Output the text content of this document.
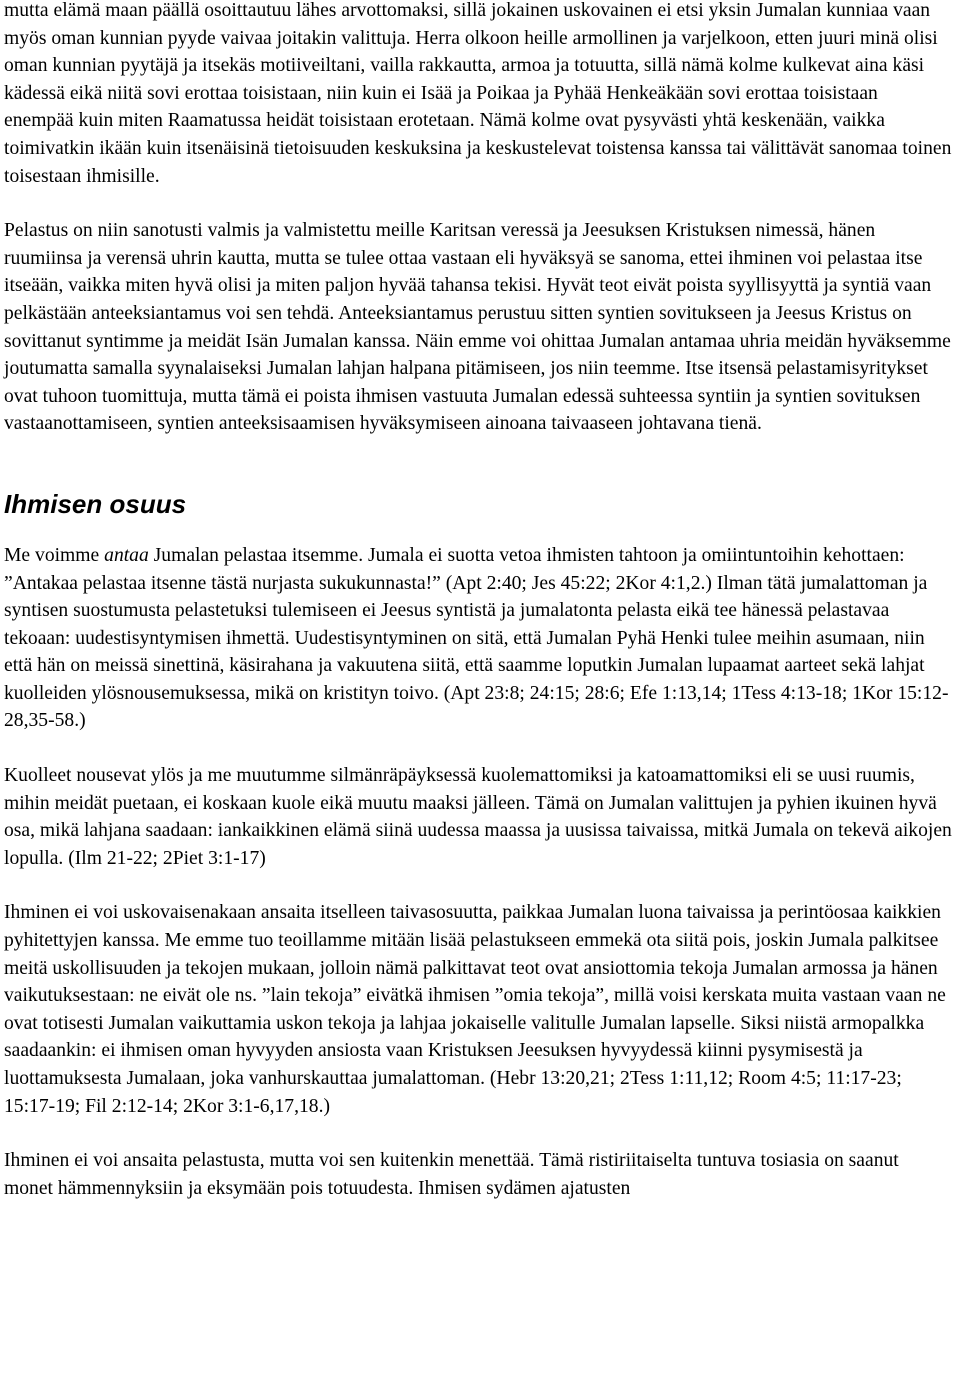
mutta elämä maan päällä osoittautuu lähes arvottomaksi, sillä jokainen uskovainen ei etsi yksin Jumalan kunniaa vaan myös oman kunnian pyyde vaivaa joitakin valittuja. Herra olkoon heille armollinen ja varjelkoon, etten juuri minä olisi oman kunnian pyytäjä ja itsekäs motiiveiltani, vailla rakkautta, armoa ja totuutta, sillä nämä kolme kulkevat aina käsi kädessä eikä niitä sovi erottaa toisistaan, niin kuin ei Isää ja Poikaa ja Pyhää Henkeäkään sovi erottaa toisistaan enempää kuin miten Raamatussa heidät toisistaan erotetaan. Nämä kolme ovat pysyvästi yhtä keskenään, vaikka toimivatkin ikään kuin itsenäisinä tietoisuuden keskuksina ja keskustelevat toistensa kanssa tai välittävät sanomaa toinen toisestaan ihmisille.

Pelastus on niin sanotusti valmis ja valmistettu meille Karitsan veressä ja Jeesuksen Kristuksen nimessä, hänen ruumiinsa ja verensä uhrin kautta, mutta se tulee ottaa vastaan eli hyväksyä se sanoma, ettei ihminen voi pelastaa itse itseään, vaikka miten hyvä olisi ja miten paljon hyvää tahansa tekisi. Hyvät teot eivät poista syyllisyyttä ja syntiä vaan pelkästään anteeksiantamus voi sen tehdä. Anteeksiantamus perustuu sitten syntien sovitukseen ja Jeesus Kristus on sovittanut syntimme ja meidät Isän Jumalan kanssa. Näin emme voi ohittaa Jumalan antamaa uhria meidän hyväksemme joutumatta samalla syynalaiseksi Jumalan lahjan halpana pitämiseen, jos niin teemme. Itse itsensä pelastamisyritykset ovat tuhoon tuomittuja, mutta tämä ei poista ihmisen vastuuta Jumalan edessä suhteessa syntiin ja syntien sovituksen vastaanottamiseen, syntien anteeksisaamisen hyväksymiseen ainoana taivaaseen johtavana tienä.

Ihmisen osuus

Me voimme antaa Jumalan pelastaa itsemme. Jumala ei suotta vetoa ihmisten tahtoon ja omiintuntoihin kehottaen: ”Antakaa pelastaa itsenne tästä nurjasta sukukunnasta!” (Apt 2:40; Jes 45:22; 2Kor 4:1,2.) Ilman tätä jumalattoman ja syntisen suostumusta pelastetuksi tulemiseen ei Jeesus syntistä ja jumalatonta pelasta eikä tee hänessä pelastavaa tekoaan: uudestisyntymisen ihmettä. Uudestisyntyminen on sitä, että Jumalan Pyhä Henki tulee meihin asumaan, niin että hän on meissä sinettinä, käsirahana ja vakuutena siitä, että saamme loputkin Jumalan lupaamat aarteet sekä lahjat kuolleiden ylösnousemuksessa, mikä on kristityn toivo. (Apt 23:8; 24:15; 28:6; Efe 1:13,14; 1Tess 4:13-18; 1Kor 15:12-28,35-58.)

Kuolleet nousevat ylös ja me muutumme silmänräpäyksessä kuolemattomiksi ja katoamattomiksi eli se uusi ruumis, mihin meidät puetaan, ei koskaan kuole eikä muutu maaksi jälleen. Tämä on Jumalan valittujen ja pyhien ikuinen hyvä osa, mikä lahjana saadaan: iankaikkinen elämä siinä uudessa maassa ja uusissa taivaissa, mitkä Jumala on tekevä aikojen lopulla. (Ilm 21-22; 2Piet 3:1-17)

Ihminen ei voi uskovaisenakaan ansaita itselleen taivasosuutta, paikkaa Jumalan luona taivaissa ja perintöosaa kaikkien pyhitettyjen kanssa. Me emme tuo teoillamme mitään lisää pelastukseen emmekä ota siitä pois, joskin Jumala palkitsee meitä uskollisuuden ja tekojen mukaan, jolloin nämä palkittavat teot ovat ansiottomia tekoja Jumalan armossa ja hänen vaikutuksestaan: ne eivät ole ns. ”lain tekoja” eivätkä ihmisen ”omia tekoja”, millä voisi kerskata muita vastaan vaan ne ovat totisesti Jumalan vaikuttamia uskon tekoja ja lahjaa jokaiselle valitulle Jumalan lapselle. Siksi niistä armopalkka saadaankin: ei ihmisen oman hyvyyden ansiosta vaan Kristuksen Jeesuksen hyvyydessä kiinni pysymisestä ja luottamuksesta Jumalaan, joka vanhurskauttaa jumalattoman. (Hebr 13:20,21; 2Tess 1:11,12; Room 4:5; 11:17-23; 15:17-19; Fil 2:12-14; 2Kor 3:1-6,17,18.)

Ihminen ei voi ansaita pelastusta, mutta voi sen kuitenkin menettää. Tämä ristiriitaiselta tuntuva tosiasia on saanut monet hämmennyksiin ja eksymään pois totuudesta. Ihmisen sydämen ajatusten
